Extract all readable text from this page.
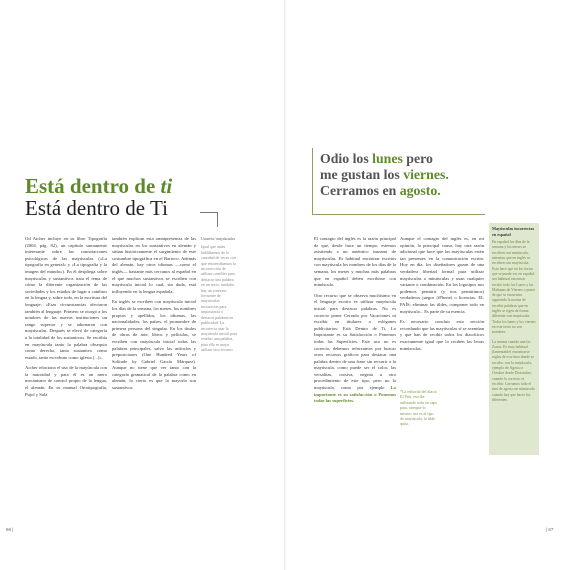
Está dentro de ti
Está dentro de Ti

Od Aicher incluye en su libro Tipografía (2004, pág. 82), un capítulo sumamente interesante sobre las connotaciones psicológicas de las mayúsculas («La tipografía en general» y «La tipografía y la imagen del mundo»). En él despliega sobre mayúsculas y sustantivos trata el tema de cómo la diferente organización de las sociedades y los estados de lugar a cambios en la lengua y, sobre todo, en la escritura del lenguaje: «Esas circunstancias afectaron también al lenguaje. Primero se otorgó a los nombres de las nuevas instituciones un rango superior y se adornaron con mayúsculas. Después se elevó de categoría a la totalidad de los sustantivos. Se escribía en mayúscula tanto la palabra obsequio como derecho, tanto sustantivo como estado, tanto escorbuto como iglesia [...]».

Aicher relaciona el uso de la mayúscula con la autoridad y para él es un mero mecanismo de control propio de la lengua, el alemán. En su manual Ortotipografía, Pujol y Solà

también explican esta omnipresencia de las mayúsculas en los sustantivos en alemán y sitúan históricamente el surgimiento de este costumbre tipográfica en el Barroco. Además del alemán, hay otros idiomas —como el inglés— bastante más cercanos al español en el que muchos sustantivos se escriben con mayúscula inicial lo cual, sin duda, está influyendo en la lengua española.

En inglés se escriben con mayúscula inicial los días de la semana, los meses, los nombres propios y apellidos, los idiomas, las nacionalidades, los países, el pronombre de primera persona del singular. En los títulos de obras de arte, libros y películas, se escriben con mayúscula inicial todas las palabras principales, salvo las artículos y preposiciones (One Hundred Years of Solitude by Gabriel García Márquez). Aunque no tiene que ver tanto con la categoría gramatical de la palabra como en alemán, lo cierto es que la mayoría son sustantivos.

Usuario/ mayúsculas
Igual que antes hablábamos de la cantidad de veces con que encontrábamos la incorrección de utilizar comillas para destacar una palabra en un texto, también hay un contexto frecuente de mayúsculas incorrectas para importancia o destacar palabras en publicidad. La incorrecta usar la mayúscula inicial para resaltar una palabra, para ello es mejor utilizar otro recurso.
66 |
Odio los lunes pero
me gustan los viernes.
Cerramos en agosto.

El contagio del inglés es la razón principal de que, desde hace un tiempo, estemos asistiendo a un auténtico tsunami de mayúsculas. Es habitual encontrar escritos con mayúscula los nombres de los días de la semana, los meses y muchas más palabras que en español deben escribirse con minúscula.

Otro recurso que se observa muchísimo en el lenguaje escrito es utilizar mayúscula inicial para destacar palabras. No es correcto poner Cerrado por Vacaciones ni escribir en titulares o eslóganes publicitarios: Está Dentro de Ti, Lo Importante es su Satisfacción o Ponemos todas las Superficies. Este uso no es correcto, debemos reforzarnos por buscar otros recursos gráficos para destacar una palabra dentro de una frase sin recurrir a la mayúscula, como puede ser el color, las versalitas, cursiva, negrita u otro procedimiento de este tipo, pero no la mayúscula, como por ejemplo Lo importante es su satisfacción o Ponemos todas las superficies.

Aunque el contagio del inglés es, en mi opinión, la principal causa, hay otra razón adicional que hace que las mayúsculas estén tan presentes en la comunicación escrita. Hoy en día, los diseñadores gozan de una verdadera libertad formal para utilizar mayúsculas o minúsculas y usan cualquier variante o combinación. En los logotipos nos podemos permitir (y nos permitimos) verdaderos juegos (iPhone) o licencias: EL PAÍS; eliminar las tildes, componer todo en mayúscula... Es parte de su esencia.

Es necesario concluir esta sección recordando que las mayúsculas sí se acentúan y que han de recibir todos los diacríticos exactamente igual que lo reciben las letras minúsculas.

*La editorial del diario El País, escribe utilizando todo en caps para, siempre lo mismo; sea es el tipo de mayúscula, la tilde quita.
Mayúsculas incorrectas en español
En español los días de la semana y los meses se escriben con minúscula, mientras que en inglés se escriben con mayúscula. Esto hace que en los textos que se puede ver en español sea habitual encontrar escrito todo los Lunes y las Mañanas de Viernes o poner de que se encuentra siguiendo la norma de escribir palabras que en inglés se rigen de forma diferente con mayúscula. Todos los lunes y los viernes en este texto no son nombres.
La misma cuando una las Zonas. Es muy habitual (lamentable) encontrarse reglas de escritura donde se escribe, con la mayúscula, ejemplo de Agosto a Octubre desde Diciembre, cuando lo correcto es escribir. Cerramos todo el mes de agosto en minúscula cuando hay que hacer los diferentes.
| 67
